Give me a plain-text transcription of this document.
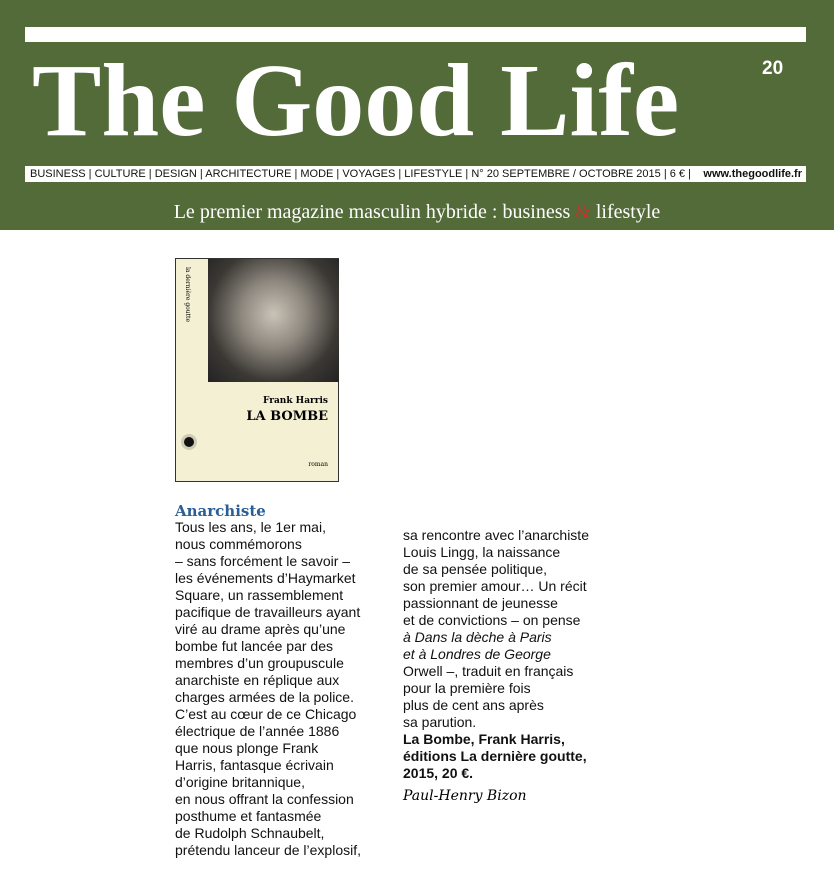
The Good Life	20
BUSINESS | CULTURE | DESIGN | ARCHITECTURE | MODE | VOYAGES | LIFESTYLE | N° 20 SEPTEMBRE / OCTOBRE 2015 | 6 € |	www.thegoodlife.fr
Le premier magazine masculin hybride : business & lifestyle
la dernière goutte
Frank Harris
LA BOMBE
roman
Anarchiste
Tous les ans, le 1er mai,
nous commémorons
– sans forcément le savoir –
les événements d’Haymarket
Square, un rassemblement
pacifique de travailleurs ayant
viré au drame après qu’une
bombe fut lancée par des
membres d’un groupuscule
anarchiste en réplique aux
charges armées de la police.
C’est au cœur de ce Chicago
électrique de l’année 1886
que nous plonge Frank
Harris, fantasque écrivain
d’origine britannique,
en nous offrant la confession
posthume et fantasmée
de Rudolph Schnaubelt,
prétendu lanceur de l’explosif,
sa rencontre avec l’anarchiste
Louis Lingg, la naissance
de sa pensée politique,
son premier amour… Un récit
passionnant de jeunesse
et de convictions – on pense
à Dans la dèche à Paris
et à Londres de George
Orwell –, traduit en français
pour la première fois
plus de cent ans après
sa parution.
La Bombe, Frank Harris,
éditions La dernière goutte,
2015, 20 €.
Paul-Henry Bizon
